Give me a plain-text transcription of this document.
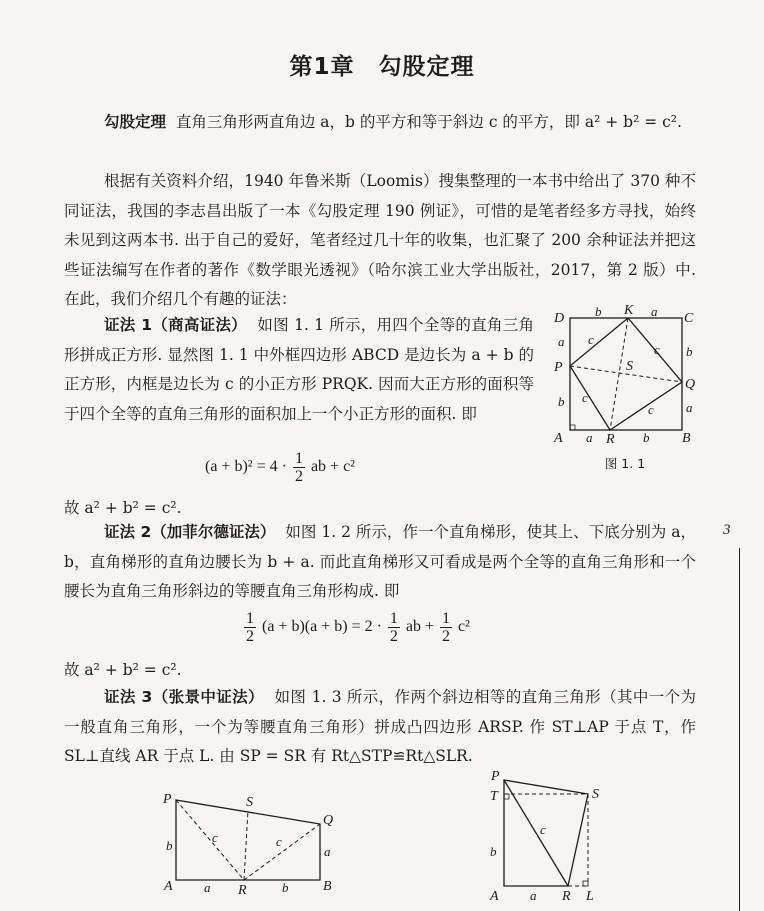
第1章　勾股定理
勾股定理 直角三角形两直角边 a，b 的平方和等于斜边 c 的平方，即 a² + b² = c².
根据有关资料介绍，1940 年鲁米斯（Loomis）搜集整理的一本书中给出了 370 种不同证法，我国的李志昌出版了一本《勾股定理 190 例证》，可惜的是笔者经多方寻找，始终未见到这两本书. 出于自己的爱好，笔者经过几十年的收集，也汇聚了 200 余种证法并把这些证法编写在作者的著作《数学眼光透视》（哈尔滨工业大学出版社，2017，第 2 版）中. 在此，我们介绍几个有趣的证法：
证法 1（商高证法） 如图 1. 1 所示，用四个全等的直角三角形拼成正方形. 显然图 1. 1 中外框四边形 ABCD 是边长为 a + b 的正方形，内框是边长为 c 的小正方形 PRQK. 因而大正方形的面积等于四个全等的直角三角形的面积加上一个小正方形的面积. 即
$(a + b)^2 = 4 \cdot \frac{1}{2}$ ab + c²
故 a² + b² = c².
D
K
C
P	S
Q
A	R	B
b	a
a
b
b
a
a	b
c
c
c
c
图 1. 1
证法 2（加菲尔德证法） 如图 1. 2 所示，作一个直角梯形，使其上、下底分别为 a，b，直角梯形的直角边腰长为 b + a. 而此直角梯形又可看成是两个全等的直角三角形和一个腰长为直角三角形斜边的等腰直角三角形构成. 即
$\frac{1}{2} (a + b)(a + b) = 2 \cdot \frac{1}{2}$ ab + $\frac{1}{2} c^2$
故 a² + b² = c².
证法 3（张景中证法） 如图 1. 3 所示，作两个斜边相等的直角三角形（其中一个为一般直角三角形，一个为等腰直角三角形）拼成凸四边形 ARSP. 作 ST⊥AP 于点 T，作 SL⊥直线 AR 于点 L. 由 SP = SR 有 Rt△STP≌Rt△SLR.
P	S
Q
A	R	B
b	a
a	b
c	c
P
T	S
A	R L
b
a
c
3
